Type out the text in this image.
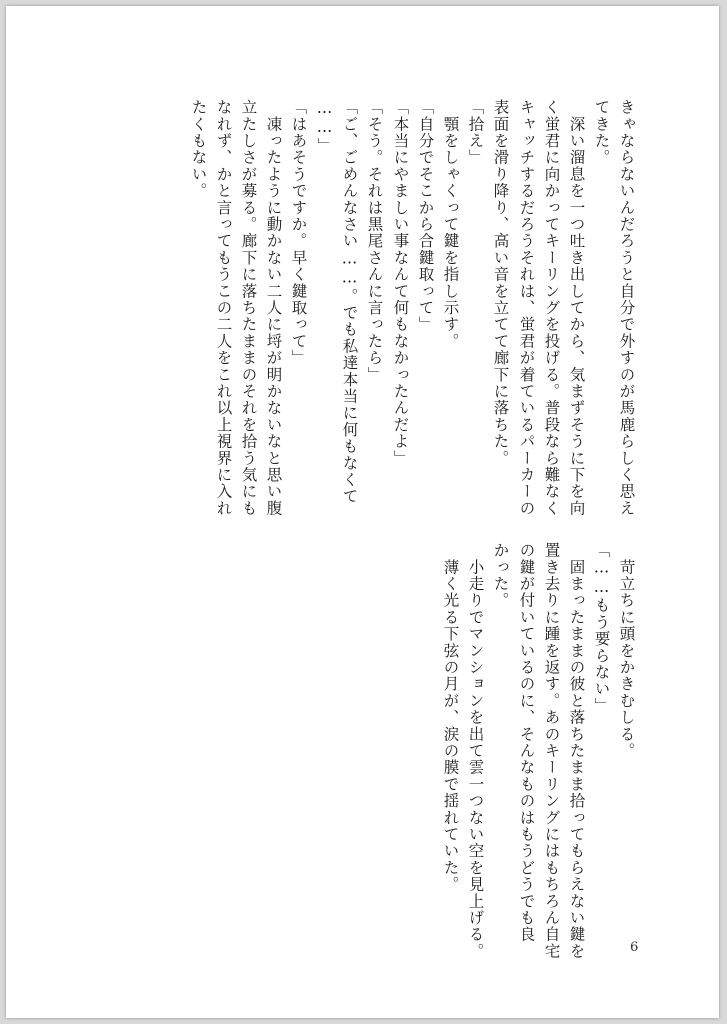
きゃならないんだろうと自分で外すのが馬鹿らしく思え

てきた。

　深い溜息を一つ吐き出してから、気まずそうに下を向

く蛍君に向かってキーリングを投げる。普段なら難なく

キャッチするだろうそれは、蛍君が着ているパーカーの

表面を滑り降り、高い音を立てて廊下に落ちた。

「拾え」

　顎をしゃくって鍵を指し示す。

「自分でそこから合鍵取って」

「本当にやましい事なんて何もなかったんだよ」

「そう。それは黒尾さんに言ったら」

「ご、ごめんなさい……。でも私達本当に何もなくて

……」

「はあそうですか。早く鍵取って」

　凍ったように動かない二人に埒が明かないなと思い腹

立たしさが募る。廊下に落ちたままのそれを拾う気にも

なれず、かと言ってもうこの二人をこれ以上視界に入れ

たくもない。

　苛立ちに頭をかきむしる。

「……もう要らない」

　固まったままの彼と落ちたまま拾ってもらえない鍵を

置き去りに踵を返す。あのキーリングにはもちろん自宅

の鍵が付いているのに、そんなものはもうどうでも良

かった。

　小走りでマンションを出て雲一つない空を見上げる。

　薄く光る下弦の月が、涙の膜で揺れていた。

6
